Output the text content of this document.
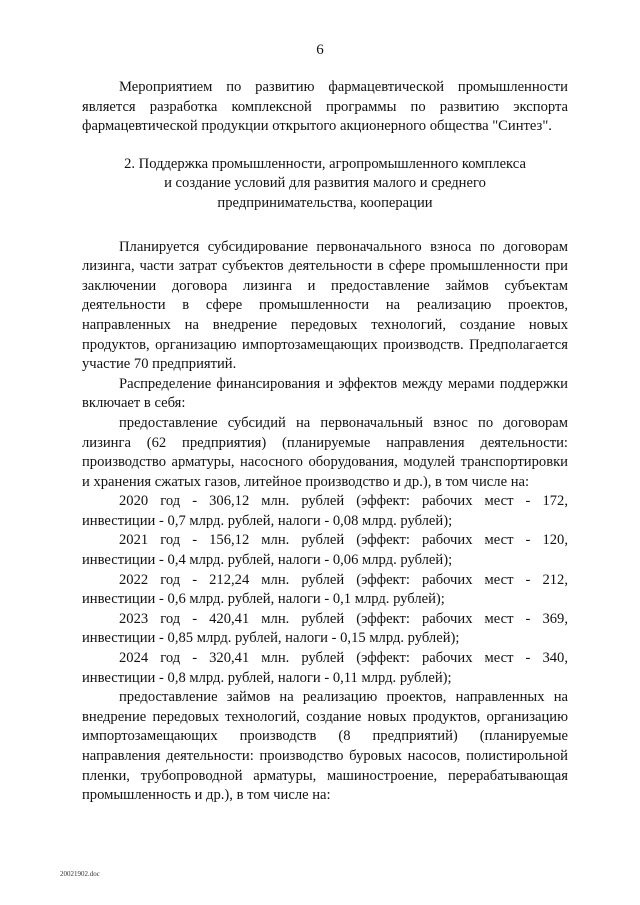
6

Мероприятием по развитию фармацевтической промышленности является разработка комплексной программы по развитию экспорта фармацевтической продукции открытого акционерного общества "Синтез".

2. Поддержка промышленности, агропромышленного комплекса
и создание условий для развития малого и среднего
предпринимательства, кооперации

Планируется субсидирование первоначального взноса по договорам лизинга, части затрат субъектов деятельности в сфере промышленности при заключении договора лизинга и предоставление займов субъектам деятельности в сфере промышленности на реализацию проектов, направленных на внедрение передовых технологий, создание новых продуктов, организацию импортозамещающих производств. Предполагается участие 70 предприятий.

Распределение финансирования и эффектов между мерами поддержки включает в себя:

предоставление субсидий на первоначальный взнос по договорам лизинга (62 предприятия) (планируемые направления деятельности: производство арматуры, насосного оборудования, модулей транспортировки и хранения сжатых газов, литейное производство и др.), в том числе на:

2020 год - 306,12 млн. рублей (эффект: рабочих мест - 172,

инвестиции - 0,7 млрд. рублей, налоги - 0,08 млрд. рублей);

2021 год - 156,12 млн. рублей (эффект: рабочих мест - 120,

инвестиции - 0,4 млрд. рублей, налоги - 0,06 млрд. рублей);

2022 год - 212,24 млн. рублей (эффект: рабочих мест - 212,

инвестиции - 0,6 млрд. рублей, налоги - 0,1 млрд. рублей);

2023 год - 420,41 млн. рублей (эффект: рабочих мест - 369,

инвестиции - 0,85 млрд. рублей, налоги - 0,15 млрд. рублей);

2024 год - 320,41 млн. рублей (эффект: рабочих мест - 340,

инвестиции - 0,8 млрд. рублей, налоги - 0,11 млрд. рублей);

предоставление займов на реализацию проектов, направленных на внедрение передовых технологий, создание новых продуктов, организацию импортозамещающих производств (8 предприятий) (планируемые направления деятельности: производство буровых насосов, полистирольной пленки, трубопроводной арматуры, машиностроение, перерабатывающая промышленность и др.), в том числе на:

20021902.doc
